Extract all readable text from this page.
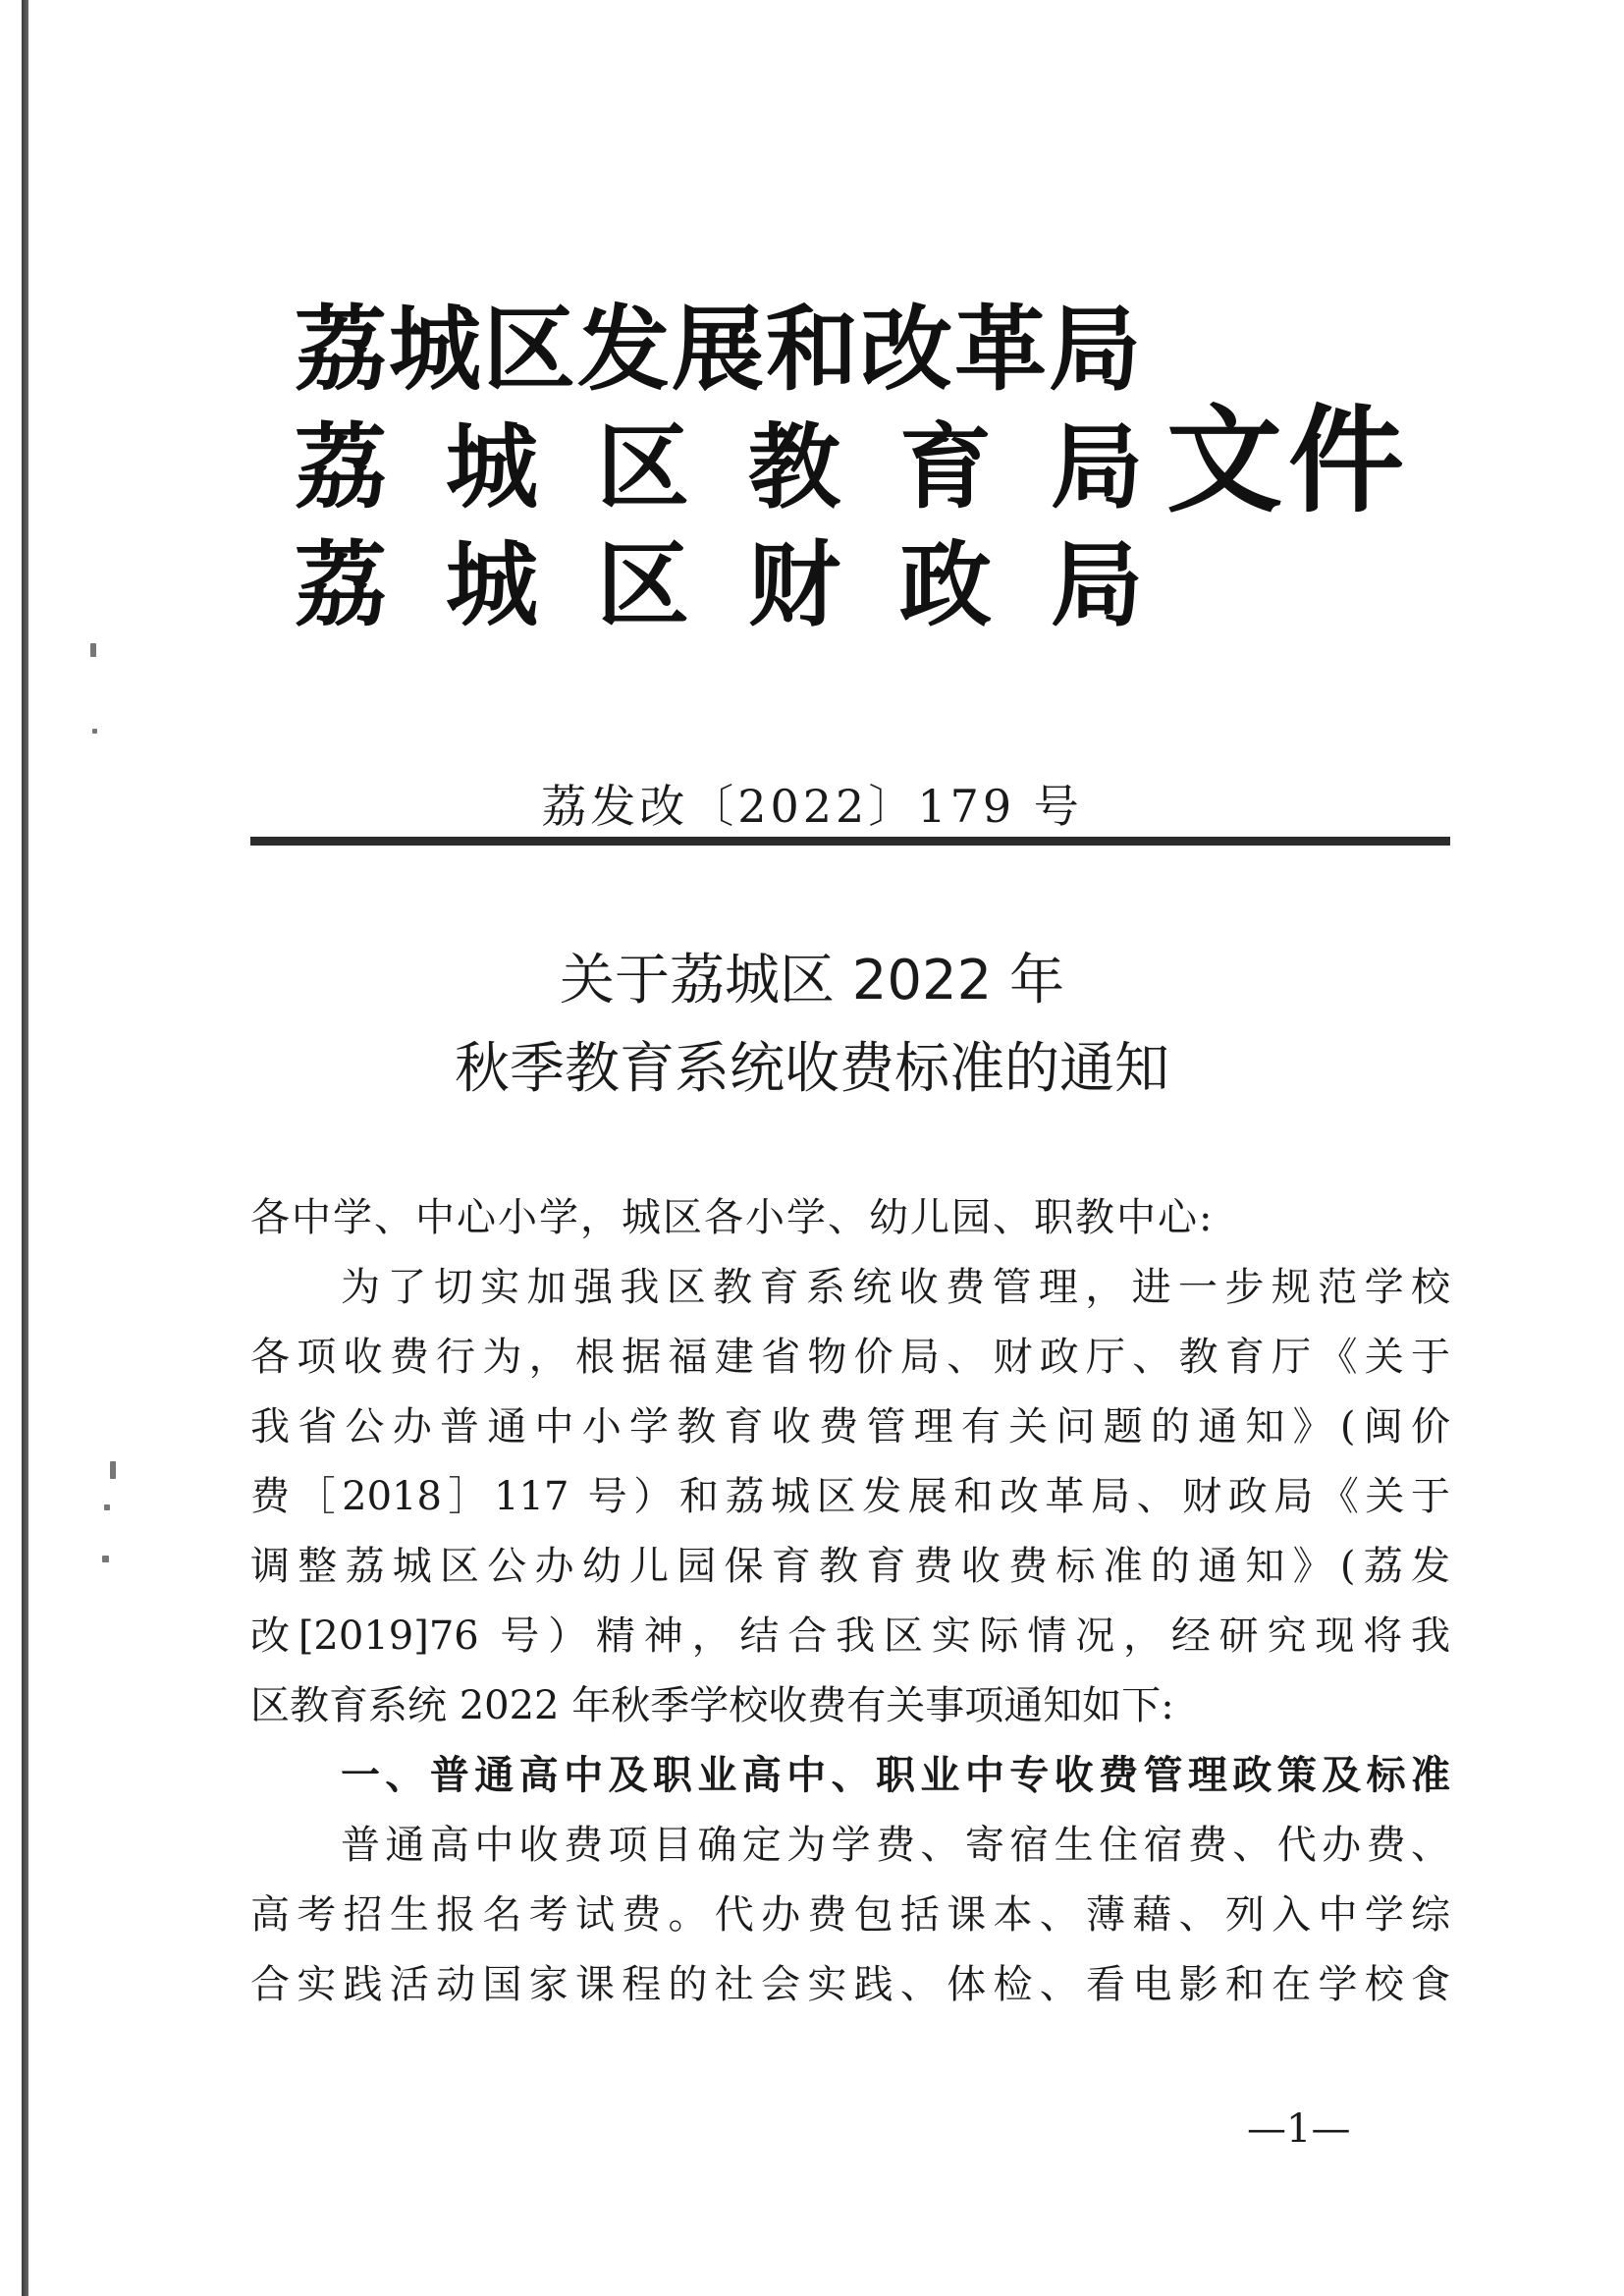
荔城区发展和改革局
荔城区教育局
荔城区财政局
文件
荔发改〔2022〕179 号
关于荔城区 2022 年
秋季教育系统收费标准的通知

各中学、中心小学，城区各小学、幼儿园、职教中心:

为了切实加强我区教育系统收费管理，进一步规范学校

各项收费行为，根据福建省物价局、财政厅、教育厅《关于

我省公办普通中小学教育收费管理有关问题的通知》(闽价

费［2018］117 号）和荔城区发展和改革局、财政局《关于

调整荔城区公办幼儿园保育教育费收费标准的通知》(荔发

改[2019]76 号）精神，结合我区实际情况，经研究现将我

区教育系统 2022 年秋季学校收费有关事项通知如下:

一、普通高中及职业高中、职业中专收费管理政策及标准

普通高中收费项目确定为学费、寄宿生住宿费、代办费、

高考招生报名考试费。代办费包括课本、薄藉、列入中学综

合实践活动国家课程的社会实践、体检、看电影和在学校食

—1—
